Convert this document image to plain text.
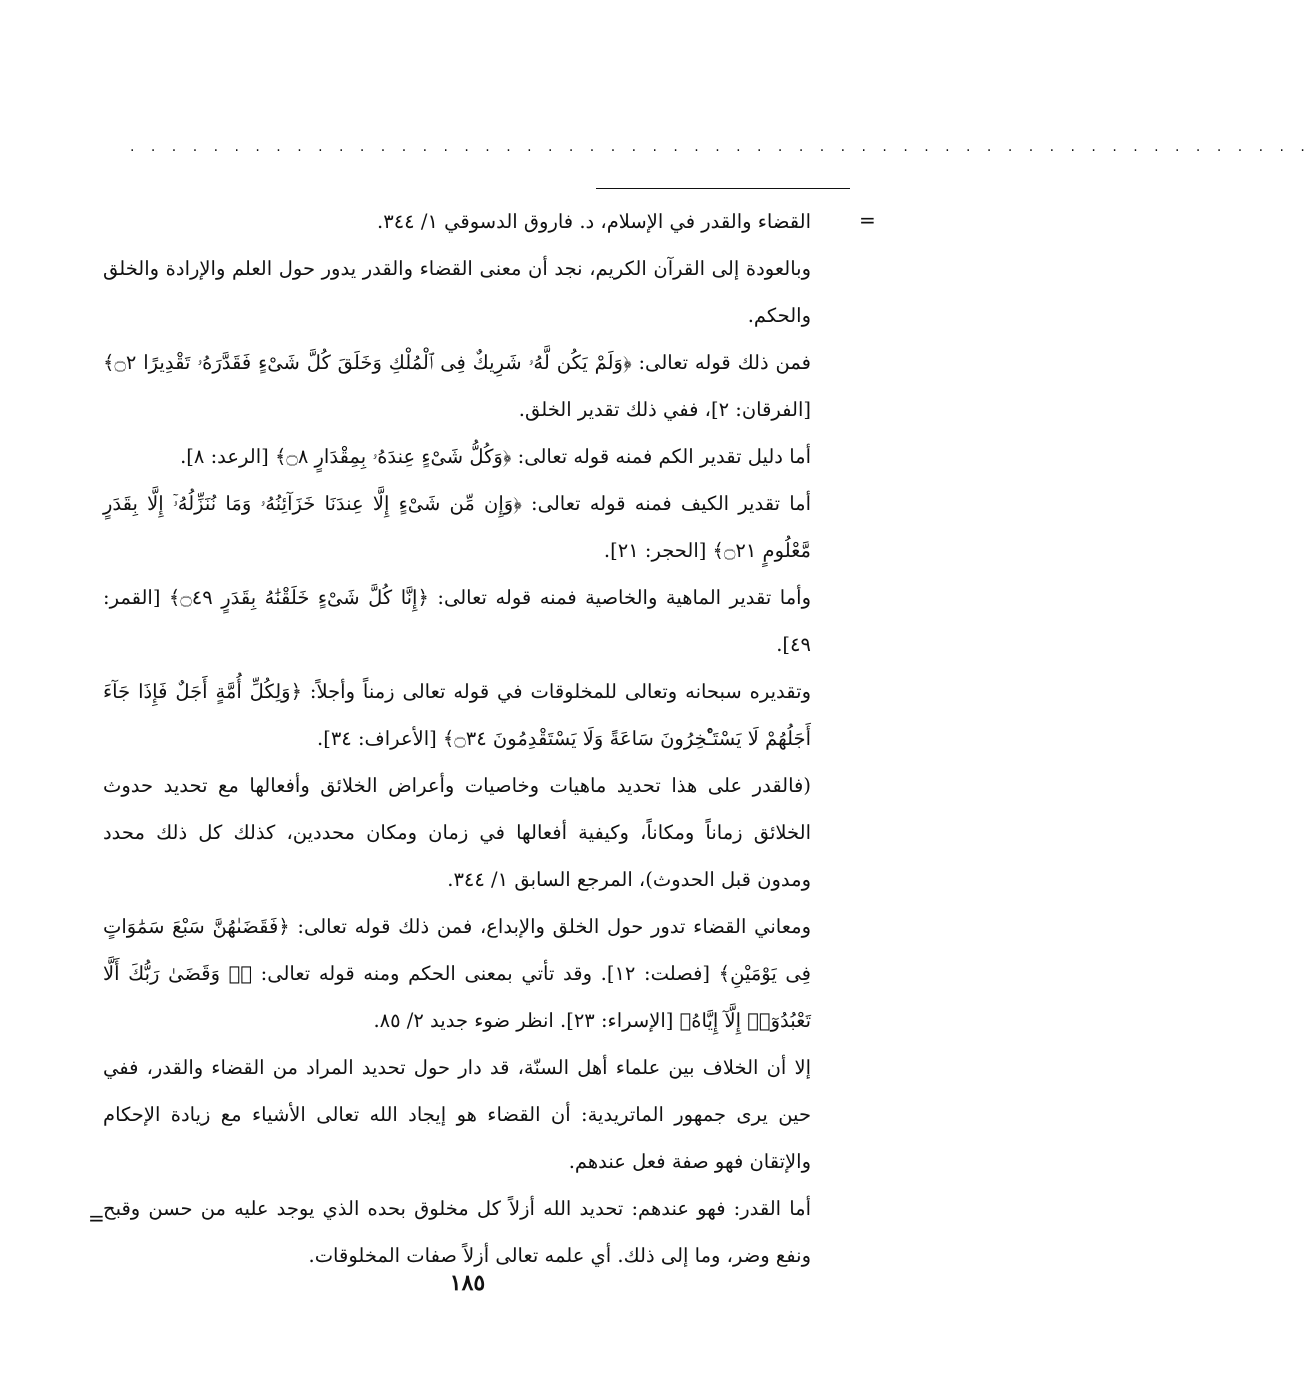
. . . . . . . . . . . . . . . . . . . . . . . . . . . . . . . . . . . . . . . . . . . . . . . . . . . . . . . . .
=

القضاء والقدر في الإسلام، د. فاروق الدسوقي ١/ ٣٤٤.

وبالعودة إلى القرآن الكريم، نجد أن معنى القضاء والقدر يدور حول العلم والإرادة والخلق والحكم.

فمن ذلك قوله تعالى: ﴿وَلَمْ يَكُن لَّهُۥ شَرِيكٌ فِى ٱلْمُلْكِ وَخَلَقَ كُلَّ شَىْءٍ فَقَدَّرَهُۥ تَقْدِيرًا ۝٢﴾ [الفرقان: ٢]، ففي ذلك تقدير الخلق.

أما دليل تقدير الكم فمنه قوله تعالى: ﴿وَكُلُّ شَىْءٍ عِندَهُۥ بِمِقْدَارٍ ۝٨﴾ [الرعد: ٨].

أما تقدير الكيف فمنه قوله تعالى: ﴿وَإِن مِّن شَىْءٍ إِلَّا عِندَنَا خَزَآئِنُهُۥ وَمَا نُنَزِّلُهُۥٓ إِلَّا بِقَدَرٍ مَّعْلُومٍ ۝٢١﴾ [الحجر: ٢١].

وأما تقدير الماهية والخاصية فمنه قوله تعالى: ﴿إِنَّا كُلَّ شَىْءٍ خَلَقْنَٰهُ بِقَدَرٍ ۝٤٩﴾ [القمر: ٤٩].

وتقديره سبحانه وتعالى للمخلوقات في قوله تعالى زمناً وأجلاً: ﴿وَلِكُلِّ أُمَّةٍ أَجَلٌ فَإِذَا جَآءَ أَجَلُهُمْ لَا يَسْتَـْٔخِرُونَ سَاعَةً وَلَا يَسْتَقْدِمُونَ ۝٣٤﴾ [الأعراف: ٣٤].

(فالقدر على هذا تحديد ماهيات وخاصيات وأعراض الخلائق وأفعالها مع تحديد حدوث الخلائق زماناً ومكاناً، وكيفية أفعالها في زمان ومكان محددين، كذلك كل ذلك محدد ومدون قبل الحدوث)، المرجع السابق ١/ ٣٤٤.

ومعاني القضاء تدور حول الخلق والإبداع، فمن ذلك قوله تعالى: ﴿فَقَضَىٰهُنَّ سَبْعَ سَمَٰوَاتٍ فِى يَوْمَيْنِ﴾ [فصلت: ١٢]. وقد تأتي بمعنى الحكم ومنه قوله تعالى: ﴿۞ وَقَضَىٰ رَبُّكَ أَلَّا تَعْبُدُوٓا۟ إِلَّآ إِيَّاهُ﴾ [الإسراء: ٢٣]. انظر ضوء جديد ٢/ ٨٥.

إلا أن الخلاف بين علماء أهل السنّة، قد دار حول تحديد المراد من القضاء والقدر، ففي حين يرى جمهور الماتريدية: أن القضاء هو إيجاد الله تعالى الأشياء مع زيادة الإحكام والإتقان فهو صفة فعل عندهم.

أما القدر: فهو عندهم: تحديد الله أزلاً كل مخلوق بحده الذي يوجد عليه من حسن وقبح ونفع وضر، وما إلى ذلك. أي علمه تعالى أزلاً صفات المخلوقات.

=
١٨٥
